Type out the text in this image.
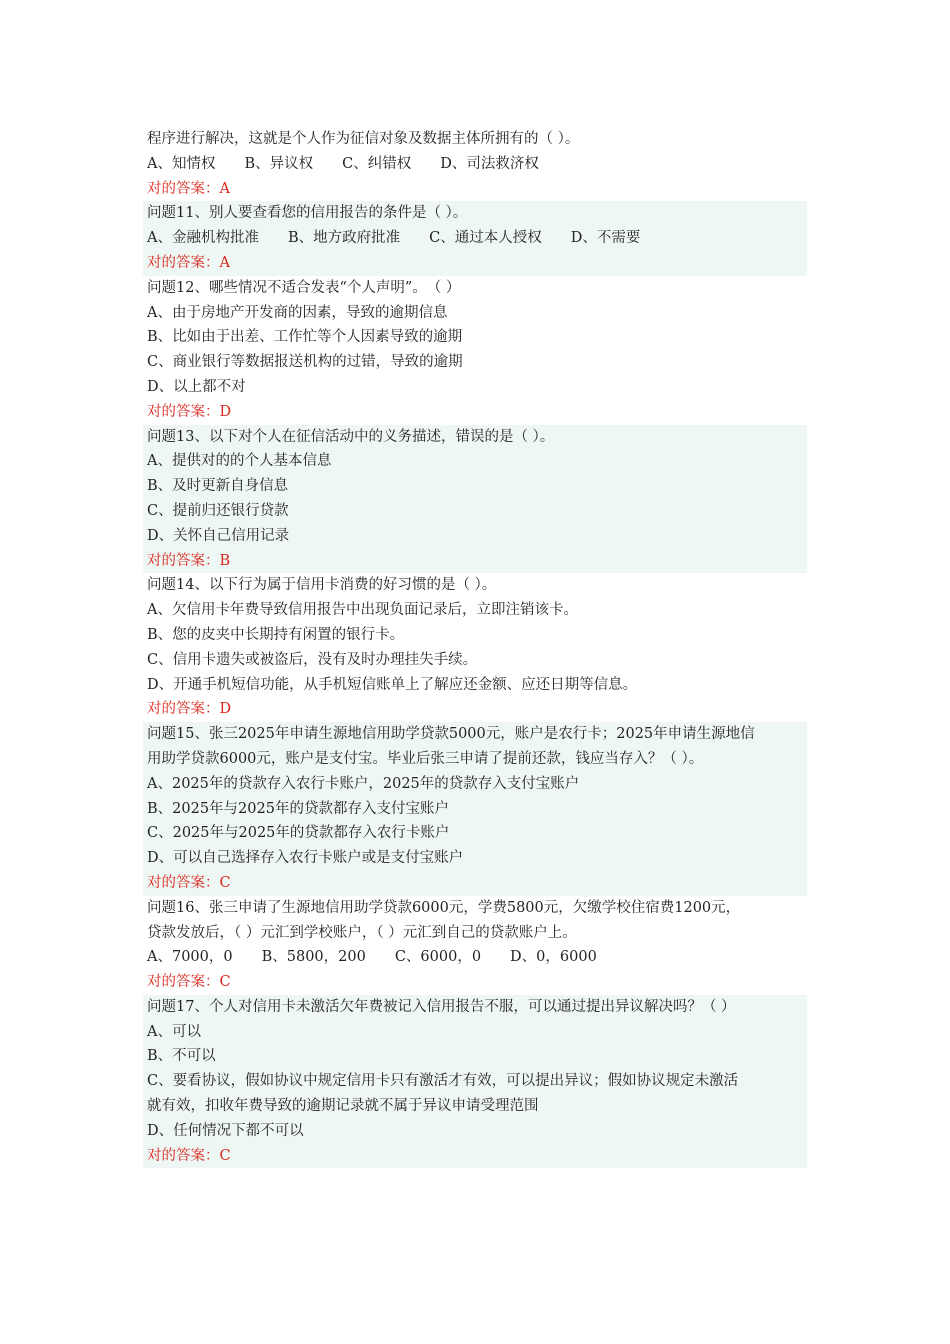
程序进行解决，这就是个人作为征信对象及数据主体所拥有的（ ）。
A、知情权　　B、异议权　　C、纠错权　　D、司法救济权
对的答案：A
问题11、别人要查看您的信用报告的条件是（ ）。
A、金融机构批准　　B、地方政府批准　　C、通过本人授权　　D、不需要
对的答案：A
问题12、哪些情况不适合发表“个人声明”。　（ ）
A、由于房地产开发商的因素，导致的逾期信息
B、比如由于出差、工作忙等个人因素导致的逾期
C、商业银行等数据报送机构的过错，导致的逾期
D、以上都不对
对的答案：D
问题13、以下对个人在征信活动中的义务描述，错误的是（ ）。
A、提供对的的个人基本信息
B、及时更新自身信息
C、提前归还银行贷款
D、关怀自己信用记录
对的答案：B
问题14、以下行为属于信用卡消费的好习惯的是（ ）。
A、欠信用卡年费导致信用报告中出现负面记录后，立即注销该卡。
B、您的皮夹中长期持有闲置的银行卡。
C、信用卡遗失或被盗后，没有及时办理挂失手续。
D、开通手机短信功能，从手机短信账单上了解应还金额、应还日期等信息。
对的答案：D
问题15、张三2025年申请生源地信用助学贷款5000元，账户是农行卡；2025年申请生源地信
用助学贷款6000元，账户是支付宝。毕业后张三申请了提前还款，钱应当存入？（ ）。
A、2025年的贷款存入农行卡账户，2025年的贷款存入支付宝账户
B、2025年与2025年的贷款都存入支付宝账户
C、2025年与2025年的贷款都存入农行卡账户
D、可以自己选择存入农行卡账户或是支付宝账户
对的答案：C
问题16、张三申请了生源地信用助学贷款6000元，学费5800元，欠缴学校住宿费1200元，
贷款发放后，（ ）元汇到学校账户，（ ）元汇到自己的贷款账户上。
A、7000，0　　B、5800，200　　C、6000，0　　D、0，6000
对的答案：C
问题17、个人对信用卡未激活欠年费被记入信用报告不服，可以通过提出异议解决吗？（ ）
A、可以
B、不可以
C、要看协议，假如协议中规定信用卡只有激活才有效，可以提出异议；假如协议规定未激活
就有效，扣收年费导致的逾期记录就不属于异议申请受理范围
D、任何情况下都不可以
对的答案：C
